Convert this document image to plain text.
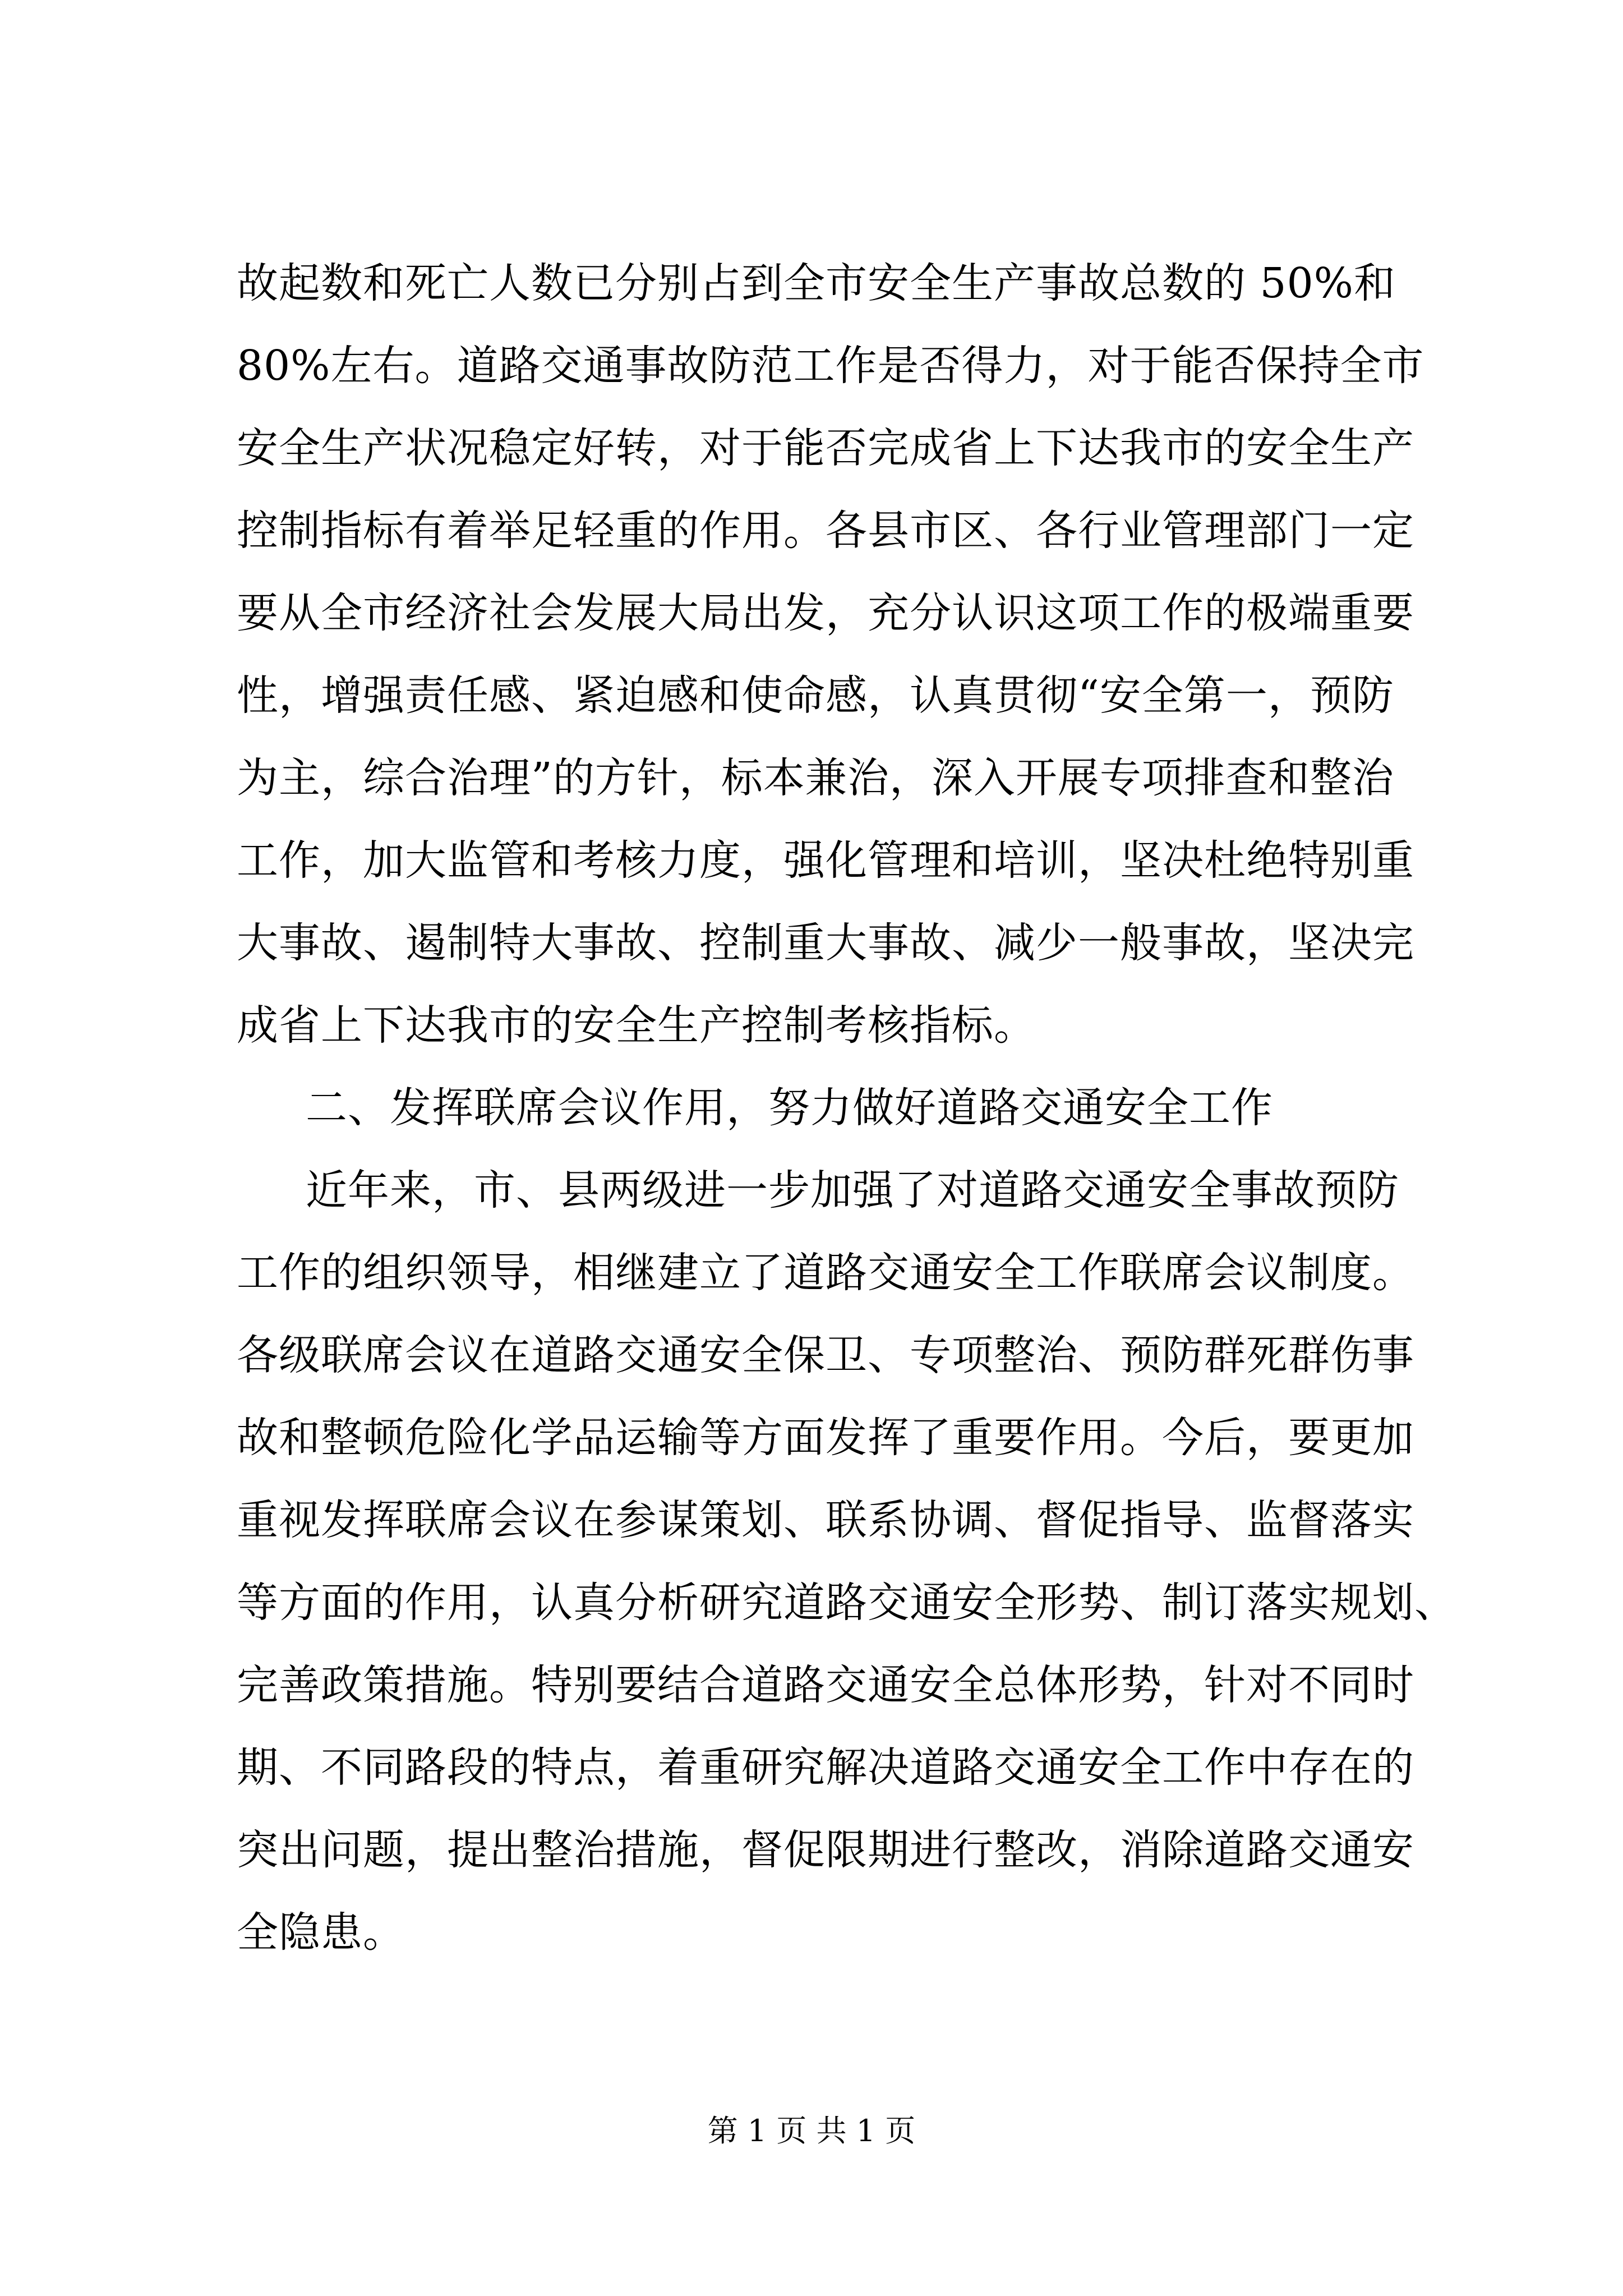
故起数和死亡人数已分别占到全市安全生产事故总数的 50%和
80%左右。道路交通事故防范工作是否得力，对于能否保持全市
安全生产状况稳定好转，对于能否完成省上下达我市的安全生产
控制指标有着举足轻重的作用。各县市区、各行业管理部门一定
要从全市经济社会发展大局出发，充分认识这项工作的极端重要
性，增强责任感、紧迫感和使命感，认真贯彻“安全第一，预防
为主，综合治理”的方针，标本兼治，深入开展专项排查和整治
工作，加大监管和考核力度，强化管理和培训，坚决杜绝特别重
大事故、遏制特大事故、控制重大事故、减少一般事故，坚决完
成省上下达我市的安全生产控制考核指标。
二、发挥联席会议作用，努力做好道路交通安全工作
近年来，市、县两级进一步加强了对道路交通安全事故预防
工作的组织领导，相继建立了道路交通安全工作联席会议制度。
各级联席会议在道路交通安全保卫、专项整治、预防群死群伤事
故和整顿危险化学品运输等方面发挥了重要作用。今后，要更加
重视发挥联席会议在参谋策划、联系协调、督促指导、监督落实
等方面的作用，认真分析研究道路交通安全形势、制订落实规划、
完善政策措施。特别要结合道路交通安全总体形势，针对不同时
期、不同路段的特点，着重研究解决道路交通安全工作中存在的
突出问题，提出整治措施，督促限期进行整改，消除道路交通安
全隐患。
第 1 页 共 1 页
